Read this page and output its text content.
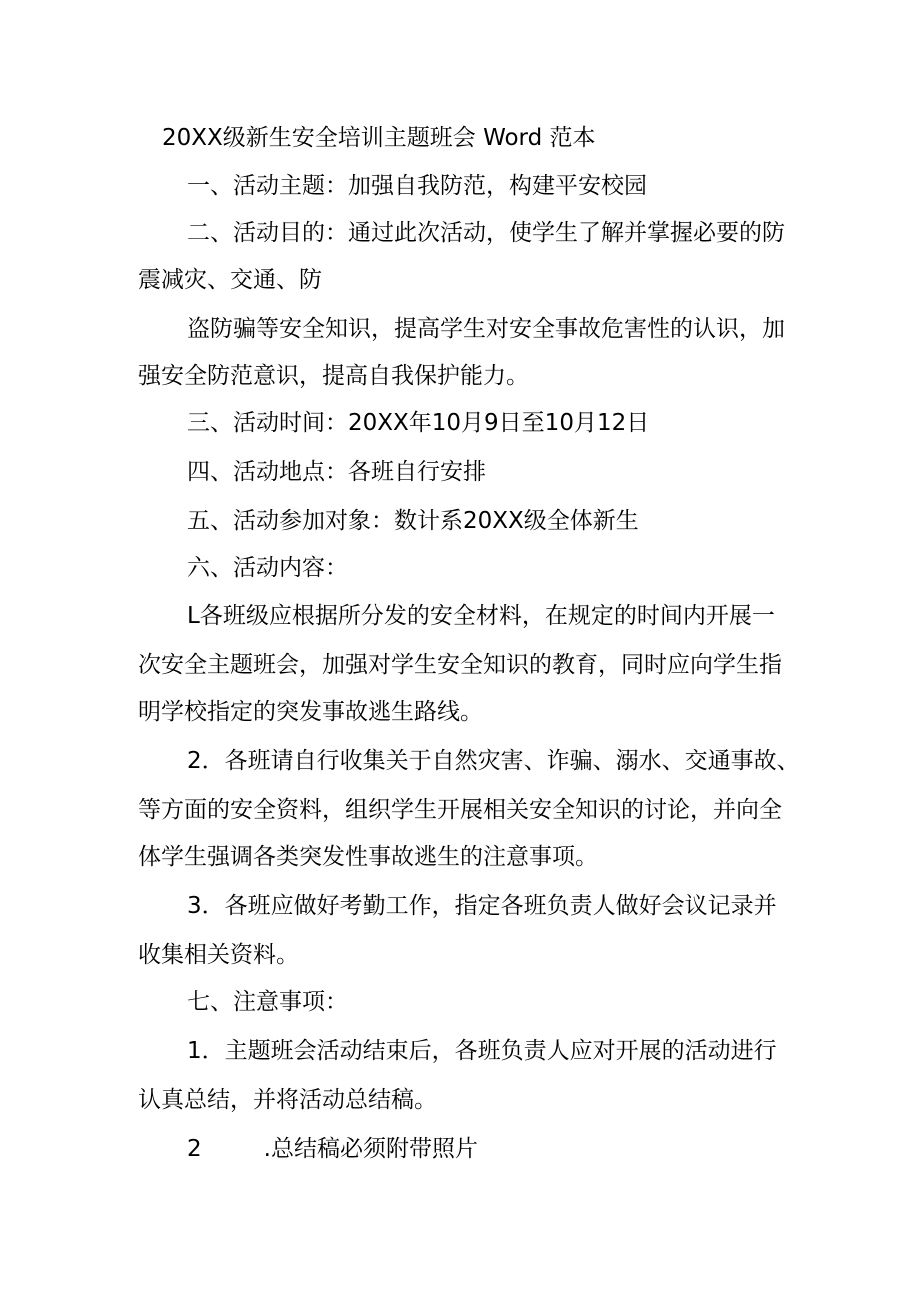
20XX级新生安全培训主题班会 Word 范本
一、活动主题：加强自我防范，构建平安校园
二、活动目的：通过此次活动，使学生了解并掌握必要的防
震减灾、交通、防
盗防骗等安全知识，提高学生对安全事故危害性的认识，加
强安全防范意识，提高自我保护能力。
三、活动时间：20XX年10月9日至10月12日
四、活动地点：各班自行安排
五、活动参加对象：数计系20XX级全体新生
六、活动内容：
L各班级应根据所分发的安全材料，在规定的时间内开展一
次安全主题班会，加强对学生安全知识的教育，同时应向学生指
明学校指定的突发事故逃生路线。
2．各班请自行收集关于自然灾害、诈骗、溺水、交通事故、
等方面的安全资料，组织学生开展相关安全知识的讨论，并向全
体学生强调各类突发性事故逃生的注意事项。
3．各班应做好考勤工作，指定各班负责人做好会议记录并
收集相关资料。
七、注意事项：
1．主题班会活动结束后，各班负责人应对开展的活动进行
认真总结，并将活动总结稿。
2	.总结稿必须附带照片
